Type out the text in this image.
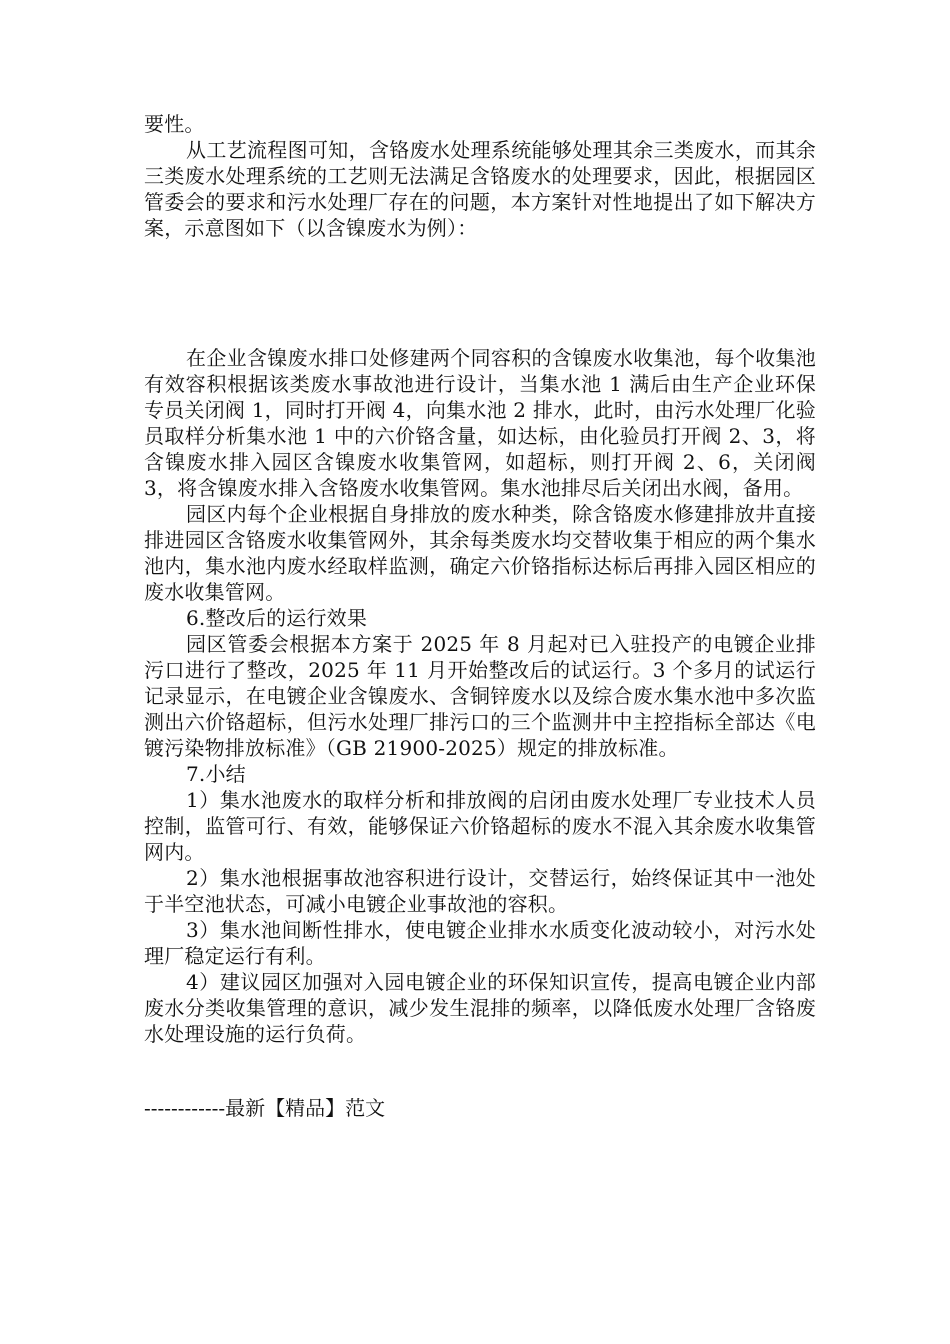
要性。

从工艺流程图可知，含铬废水处理系统能够处理其余三类废水，而其余三类废水处理系统的工艺则无法满足含铬废水的处理要求，因此，根据园区管委会的要求和污水处理厂存在的问题，本方案针对性地提出了如下解决方案，示意图如下（以含镍废水为例）：

在企业含镍废水排口处修建两个同容积的含镍废水收集池，每个收集池有效容积根据该类废水事故池进行设计，当集水池 1 满后由生产企业环保专员关闭阀 1，同时打开阀 4，向集水池 2 排水，此时，由污水处理厂化验员取样分析集水池 1 中的六价铬含量，如达标，由化验员打开阀 2、3，将含镍废水排入园区含镍废水收集管网，如超标，则打开阀 2、6，关闭阀 3，将含镍废水排入含铬废水收集管网。集水池排尽后关闭出水阀，备用。

园区内每个企业根据自身排放的废水种类，除含铬废水修建排放井直接排进园区含铬废水收集管网外，其余每类废水均交替收集于相应的两个集水池内，集水池内废水经取样监测，确定六价铬指标达标后再排入园区相应的废水收集管网。

6.整改后的运行效果

园区管委会根据本方案于 2025 年 8 月起对已入驻投产的电镀企业排污口进行了整改，2025 年 11 月开始整改后的试运行。3 个多月的试运行记录显示，在电镀企业含镍废水、含铜锌废水以及综合废水集水池中多次监测出六价铬超标，但污水处理厂排污口的三个监测井中主控指标全部达《电镀污染物排放标准》（GB 21900-2025）规定的排放标准。

7.小结

1）集水池废水的取样分析和排放阀的启闭由废水处理厂专业技术人员控制，监管可行、有效，能够保证六价铬超标的废水不混入其余废水收集管网内。

2）集水池根据事故池容积进行设计，交替运行，始终保证其中一池处于半空池状态，可减小电镀企业事故池的容积。

3）集水池间断性排水，使电镀企业排水水质变化波动较小，对污水处理厂稳定运行有利。

4）建议园区加强对入园电镀企业的环保知识宣传，提高电镀企业内部废水分类收集管理的意识，减少发生混排的频率，以降低废水处理厂含铬废水处理设施的运行负荷。

------------最新【精品】范文
